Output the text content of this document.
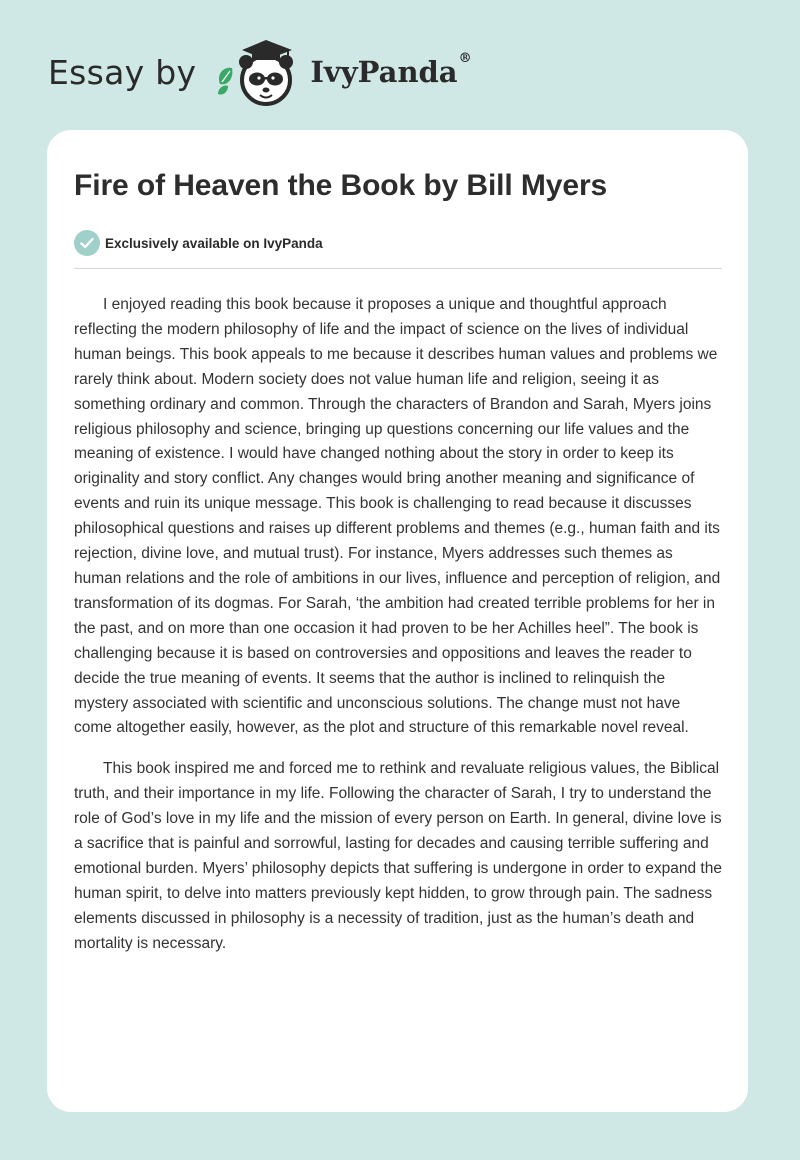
Essay by	IvyPanda®
Fire of Heaven the Book by Bill Myers
Exclusively available on IvyPanda

I enjoyed reading this book because it proposes a unique and thoughtful approach reflecting the modern philosophy of life and the impact of science on the lives of individual human beings. This book appeals to me because it describes human values and problems we rarely think about. Modern society does not value human life and religion, seeing it as something ordinary and common. Through the characters of Brandon and Sarah, Myers joins religious philosophy and science, bringing up questions concerning our life values and the meaning of existence. I would have changed nothing about the story in order to keep its originality and story conflict. Any changes would bring another meaning and significance of events and ruin its unique message. This book is challenging to read because it discusses philosophical questions and raises up different problems and themes (e.g., human faith and its rejection, divine love, and mutual trust). For instance, Myers addresses such themes as human relations and the role of ambitions in our lives, influence and perception of religion, and transformation of its dogmas. For Sarah, ‘the ambition had created terrible problems for her in the past, and on more than one occasion it had proven to be her Achilles heel”. The book is challenging because it is based on controversies and oppositions and leaves the reader to decide the true meaning of events. It seems that the author is inclined to relinquish the mystery associated with scientific and unconscious solutions. The change must not have come altogether easily, however, as the plot and structure of this remarkable novel reveal.

This book inspired me and forced me to rethink and revaluate religious values, the Biblical truth, and their importance in my life. Following the character of Sarah, I try to understand the role of God’s love in my life and the mission of every person on Earth. In general, divine love is a sacrifice that is painful and sorrowful, lasting for decades and causing terrible suffering and emotional burden. Myers’ philosophy depicts that suffering is undergone in order to expand the human spirit, to delve into matters previously kept hidden, to grow through pain. The sadness elements discussed in philosophy is a necessity of tradition, just as the human’s death and mortality is necessary.
